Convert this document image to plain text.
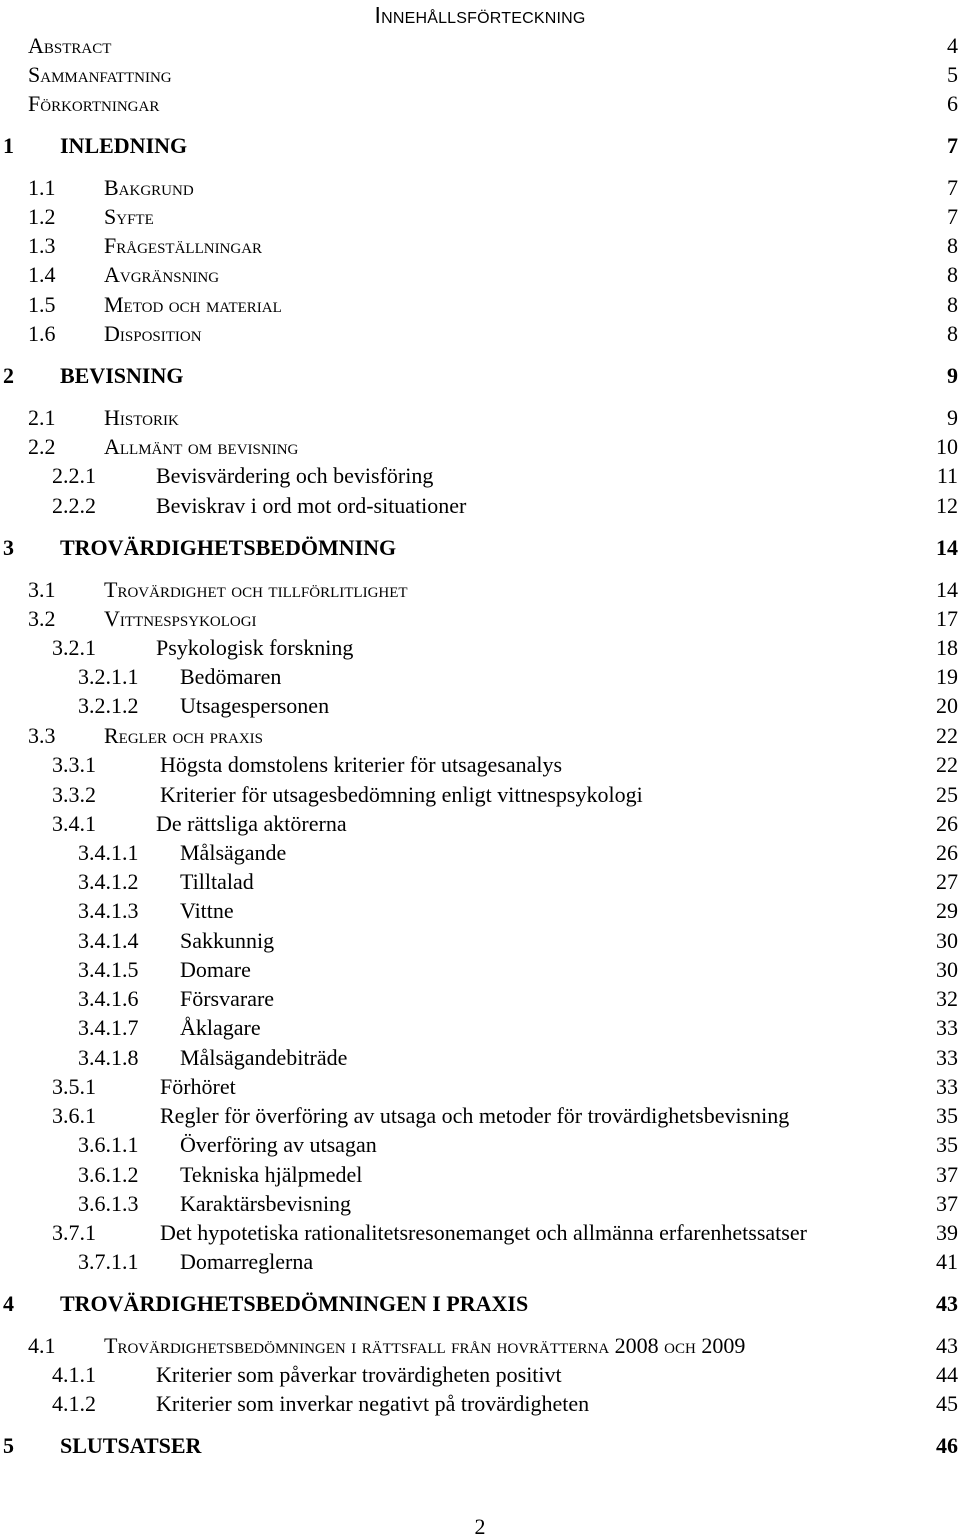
Innehållsförteckning
Abstract	4
Sammanfattning	5
Förkortningar	6
1 INLEDNING	7
1.1 Bakgrund	7
1.2 Syfte	7
1.3 Frågeställningar	8
1.4 Avgränsning	8
1.5 Metod och material	8
1.6 Disposition	8
2 BEVISNING	9
2.1 Historik	9
2.2 Allmänt om bevisning	10
2.2.1	Bevisvärdering och bevisföring	11
2.2.2	Beviskrav i ord mot ord-situationer	12
3 TROVÄRDIGHETSBEDÖMNING	14
3.1 Trovärdighet och tillförlitlighet	14
3.2 Vittnespsykologi	17
3.2.1	Psykologisk forskning	18
3.2.1.1 Bedömaren	19
3.2.1.2 Utsagespersonen	20
3.3 Regler och praxis	22
3.3.1	Högsta domstolens kriterier för utsagesanalys	22
3.3.2	Kriterier för utsagesbedömning enligt vittnespsykologi	25
3.4.1	De rättsliga aktörerna	26
3.4.1.1 Målsägande	26
3.4.1.2 Tilltalad	27
3.4.1.3 Vittne	29
3.4.1.4 Sakkunnig	30
3.4.1.5 Domare	30
3.4.1.6 Försvarare	32
3.4.1.7 Åklagare	33
3.4.1.8 Målsägandebiträde	33
3.5.1	Förhöret	33
3.6.1	Regler för överföring av utsaga och metoder för trovärdighetsbevisning	35
3.6.1.1 Överföring av utsagan	35
3.6.1.2 Tekniska hjälpmedel	37
3.6.1.3 Karaktärsbevisning	37
3.7.1	Det hypotetiska rationalitetsresonemanget och allmänna erfarenhetssatser	39
3.7.1.1 Domarreglerna	41
4 TROVÄRDIGHETSBEDÖMNINGEN I PRAXIS	43
4.1 Trovärdighetsbedömningen i rättsfall från hovrätterna 2008 och 2009	43
4.1.1	Kriterier som påverkar trovärdigheten positivt	44
4.1.2	Kriterier som inverkar negativt på trovärdigheten	45
5 SLUTSATSER	46
2
